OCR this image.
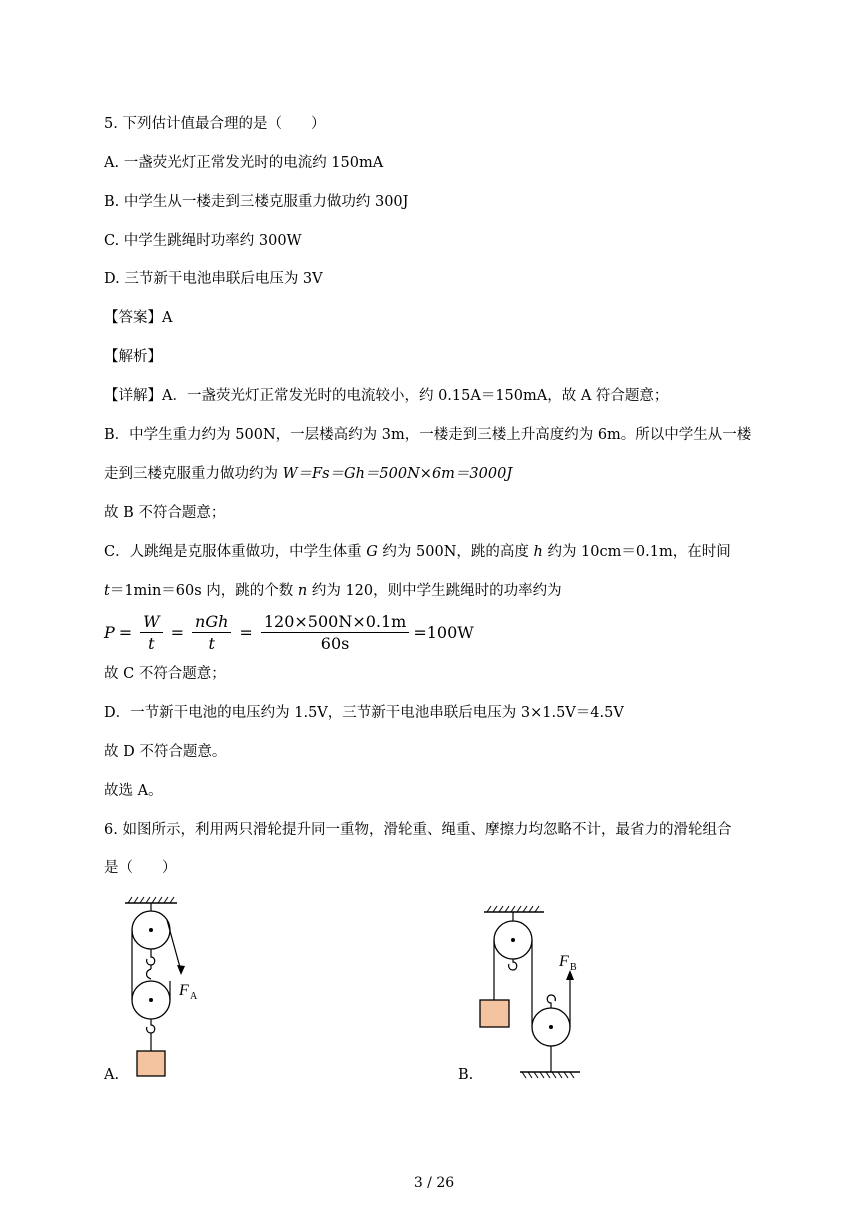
5. 下列估计值最合理的是（　　）
A. 一盏荧光灯正常发光时的电流约 150mA
B. 中学生从一楼走到三楼克服重力做功约 300J
C. 中学生跳绳时功率约 300W
D. 三节新干电池串联后电压为 3V
【答案】A
【解析】
【详解】A．一盏荧光灯正常发光时的电流较小，约 0.15A＝150mA，故 A 符合题意；
B．中学生重力约为 500N，一层楼高约为 3m，一楼走到三楼上升高度约为 6m。所以中学生从一楼
走到三楼克服重力做功约为 W＝Fs＝Gh＝500N×6m＝3000J
故 B 不符合题意；
C．人跳绳是克服体重做功，中学生体重 G 约为 500N，跳的高度 h 约为 10cm＝0.1m，在时间
t＝1min＝60s 内，跳的个数 n 约为 120，则中学生跳绳时的功率约为
$P = \frac{W}{t} = \frac{\text{nGh}}{t} = \frac{120\times 500N\times 0.1m}{60s} =100W$
故 C 不符合题意；
D．一节新干电池的电压约为 1.5V，三节新干电池串联后电压为 3×1.5V＝4.5V
故 D 不符合题意。
故选 A。
6. 如图所示，利用两只滑轮提升同一重物，滑轮重、绳重、摩擦力均忽略不计，最省力的滑轮组合
是（　　）
F A
A.
F B
B.
3 / 26
